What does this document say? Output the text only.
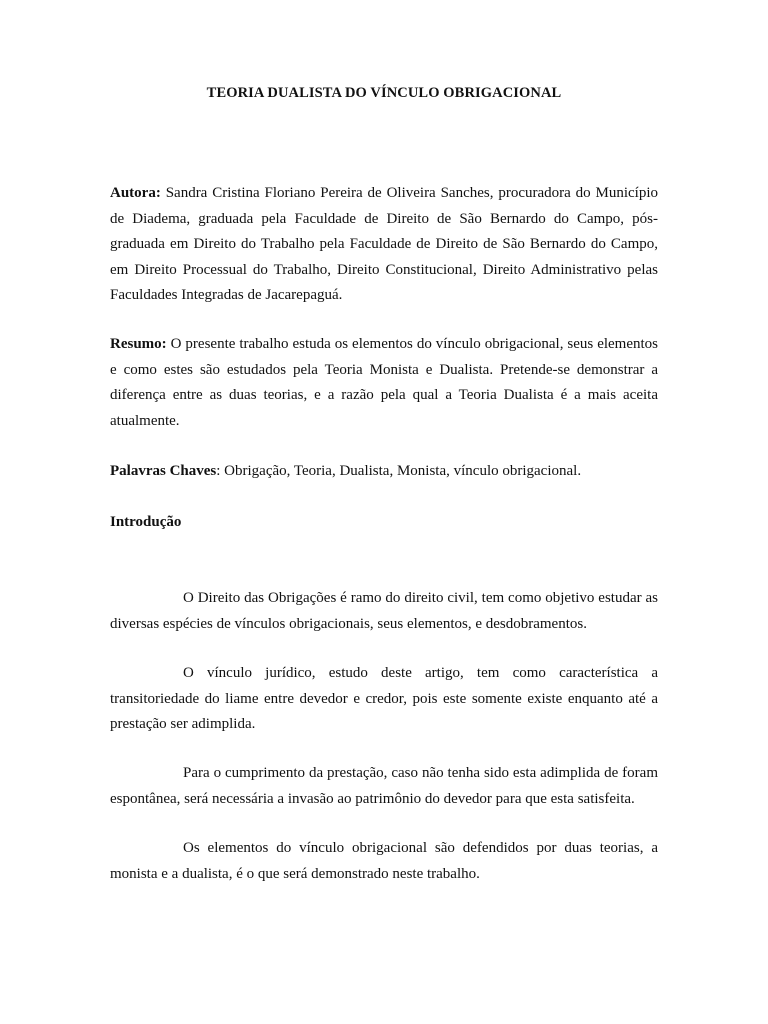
TEORIA DUALISTA DO VÍNCULO OBRIGACIONAL

Autora: Sandra Cristina Floriano Pereira de Oliveira Sanches, procuradora do Município de Diadema, graduada pela Faculdade de Direito de São Bernardo do Campo, pós-graduada em Direito do Trabalho pela Faculdade de Direito de São Bernardo do Campo, em Direito Processual do Trabalho, Direito Constitucional, Direito Administrativo pelas Faculdades Integradas de Jacarepaguá.

Resumo: O presente trabalho estuda os elementos do vínculo obrigacional, seus elementos e como estes são estudados pela Teoria Monista e Dualista. Pretende-se demonstrar a diferença entre as duas teorias, e a razão pela qual a Teoria Dualista é a mais aceita atualmente.

Palavras Chaves: Obrigação, Teoria, Dualista, Monista, vínculo obrigacional.

Introdução

O Direito das Obrigações é ramo do direito civil, tem como objetivo estudar as diversas espécies de vínculos obrigacionais, seus elementos, e desdobramentos.

O vínculo jurídico, estudo deste artigo, tem como característica a transitoriedade do liame entre devedor e credor, pois este somente existe enquanto até a prestação ser adimplida.

Para o cumprimento da prestação, caso não tenha sido esta adimplida de foram espontânea, será necessária a invasão ao patrimônio do devedor para que esta satisfeita.

Os elementos do vínculo obrigacional são defendidos por duas teorias, a monista e a dualista, é o que será demonstrado neste trabalho.
